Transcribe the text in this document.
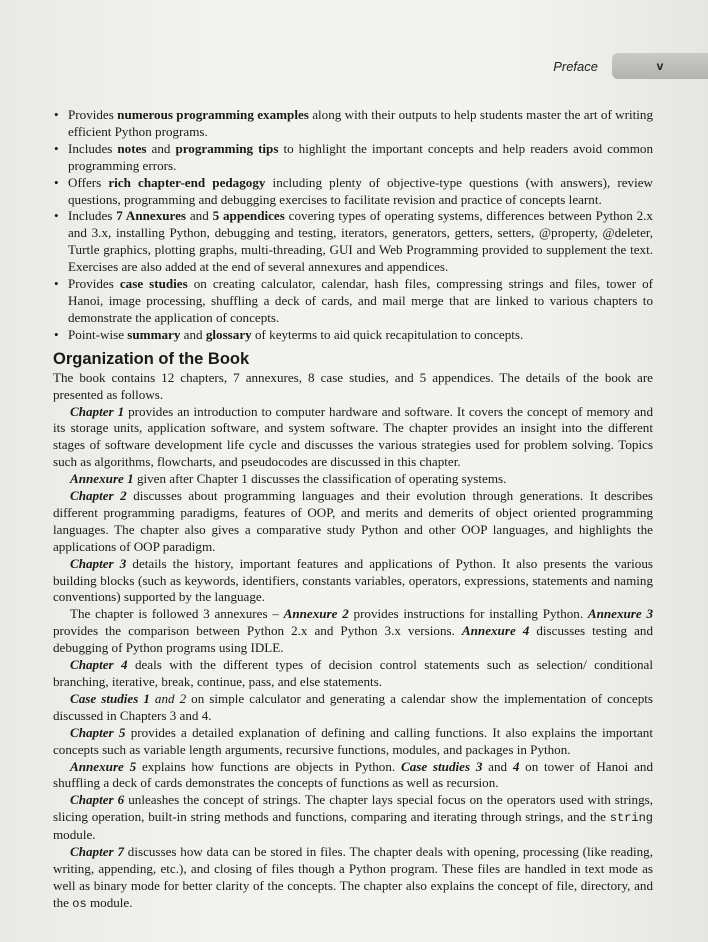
Preface	v
• Provides numerous programming examples along with their outputs to help students master the art of writing efficient Python programs.
• Includes notes and programming tips to highlight the important concepts and help readers avoid common programming errors.
• Offers rich chapter-end pedagogy including plenty of objective-type questions (with answers), review questions, programming and debugging exercises to facilitate revision and practice of concepts learnt.
• Includes 7 Annexures and 5 appendices covering types of operating systems, differences between Python 2.x and 3.x, installing Python, debugging and testing, iterators, generators, getters, setters, @property, @deleter, Turtle graphics, plotting graphs, multi-threading, GUI and Web Programming provided to supplement the text. Exercises are also added at the end of several annexures and appendices.
• Provides case studies on creating calculator, calendar, hash files, compressing strings and files, tower of Hanoi, image processing, shuffling a deck of cards, and mail merge that are linked to various chapters to demonstrate the application of concepts.
• Point-wise summary and glossary of keyterms to aid quick recapitulation to concepts.
Organization of the Book

The book contains 12 chapters, 7 annexures, 8 case studies, and 5 appendices. The details of the book are presented as follows.

Chapter 1 provides an introduction to computer hardware and software. It covers the concept of memory and its storage units, application software, and system software. The chapter provides an insight into the different stages of software development life cycle and discusses the various strategies used for problem solving. Topics such as algorithms, flowcharts, and pseudocodes are discussed in this chapter.

Annexure 1 given after Chapter 1 discusses the classification of operating systems.

Chapter 2 discusses about programming languages and their evolution through generations. It describes different programming paradigms, features of OOP, and merits and demerits of object oriented programming languages. The chapter also gives a comparative study Python and other OOP languages, and highlights the applications of OOP paradigm.

Chapter 3 details the history, important features and applications of Python. It also presents the various building blocks (such as keywords, identifiers, constants variables, operators, expressions, statements and naming conventions) supported by the language.

The chapter is followed 3 annexures – Annexure 2 provides instructions for installing Python. Annexure 3 provides the comparison between Python 2.x and Python 3.x versions. Annexure 4 discusses testing and debugging of Python programs using IDLE.

Chapter 4 deals with the different types of decision control statements such as selection/ conditional branching, iterative, break, continue, pass, and else statements.

Case studies 1 and 2 on simple calculator and generating a calendar show the implementation of concepts discussed in Chapters 3 and 4.

Chapter 5 provides a detailed explanation of defining and calling functions. It also explains the important concepts such as variable length arguments, recursive functions, modules, and packages in Python.

Annexure 5 explains how functions are objects in Python. Case studies 3 and 4 on tower of Hanoi and shuffling a deck of cards demonstrates the concepts of functions as well as recursion.

Chapter 6 unleashes the concept of strings. The chapter lays special focus on the operators used with strings, slicing operation, built-in string methods and functions, comparing and iterating through strings, and the string module.

Chapter 7 discusses how data can be stored in files. The chapter deals with opening, processing (like reading, writing, appending, etc.), and closing of files though a Python program. These files are handled in text mode as well as binary mode for better clarity of the concepts. The chapter also explains the concept of file, directory, and the os module.
